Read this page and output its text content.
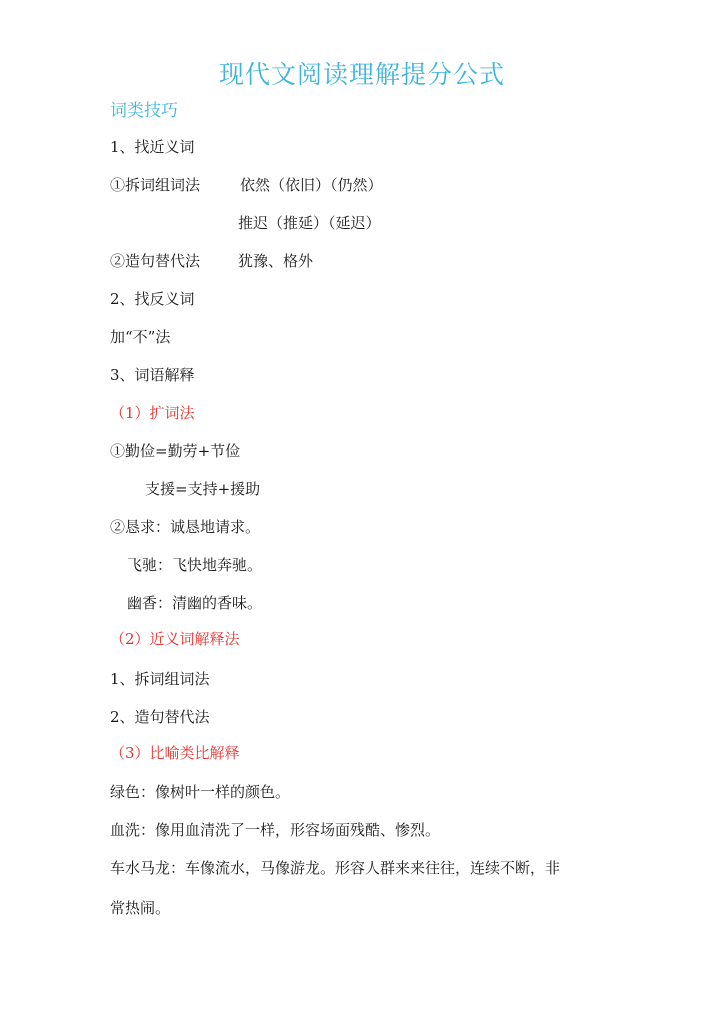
现代文阅读理解提分公式
词类技巧
1、找近义词
①拆词组词法	依然（依旧）（仍然）
推迟（推延）（延迟）
②造句替代法	犹豫、格外
2、找反义词
加“不”法
3、词语解释
（1）扩词法
①勤俭=勤劳+节俭
支援=支持+援助
②恳求：诚恳地请求。
飞驰：飞快地奔驰。
幽香：清幽的香味。
（2）近义词解释法
1、拆词组词法
2、造句替代法
（3）比喻类比解释
绿色：像树叶一样的颜色。
血洗：像用血清洗了一样，形容场面残酷、惨烈。
车水马龙：车像流水，马像游龙。形容人群来来往往，连续不断，非
常热闹。
